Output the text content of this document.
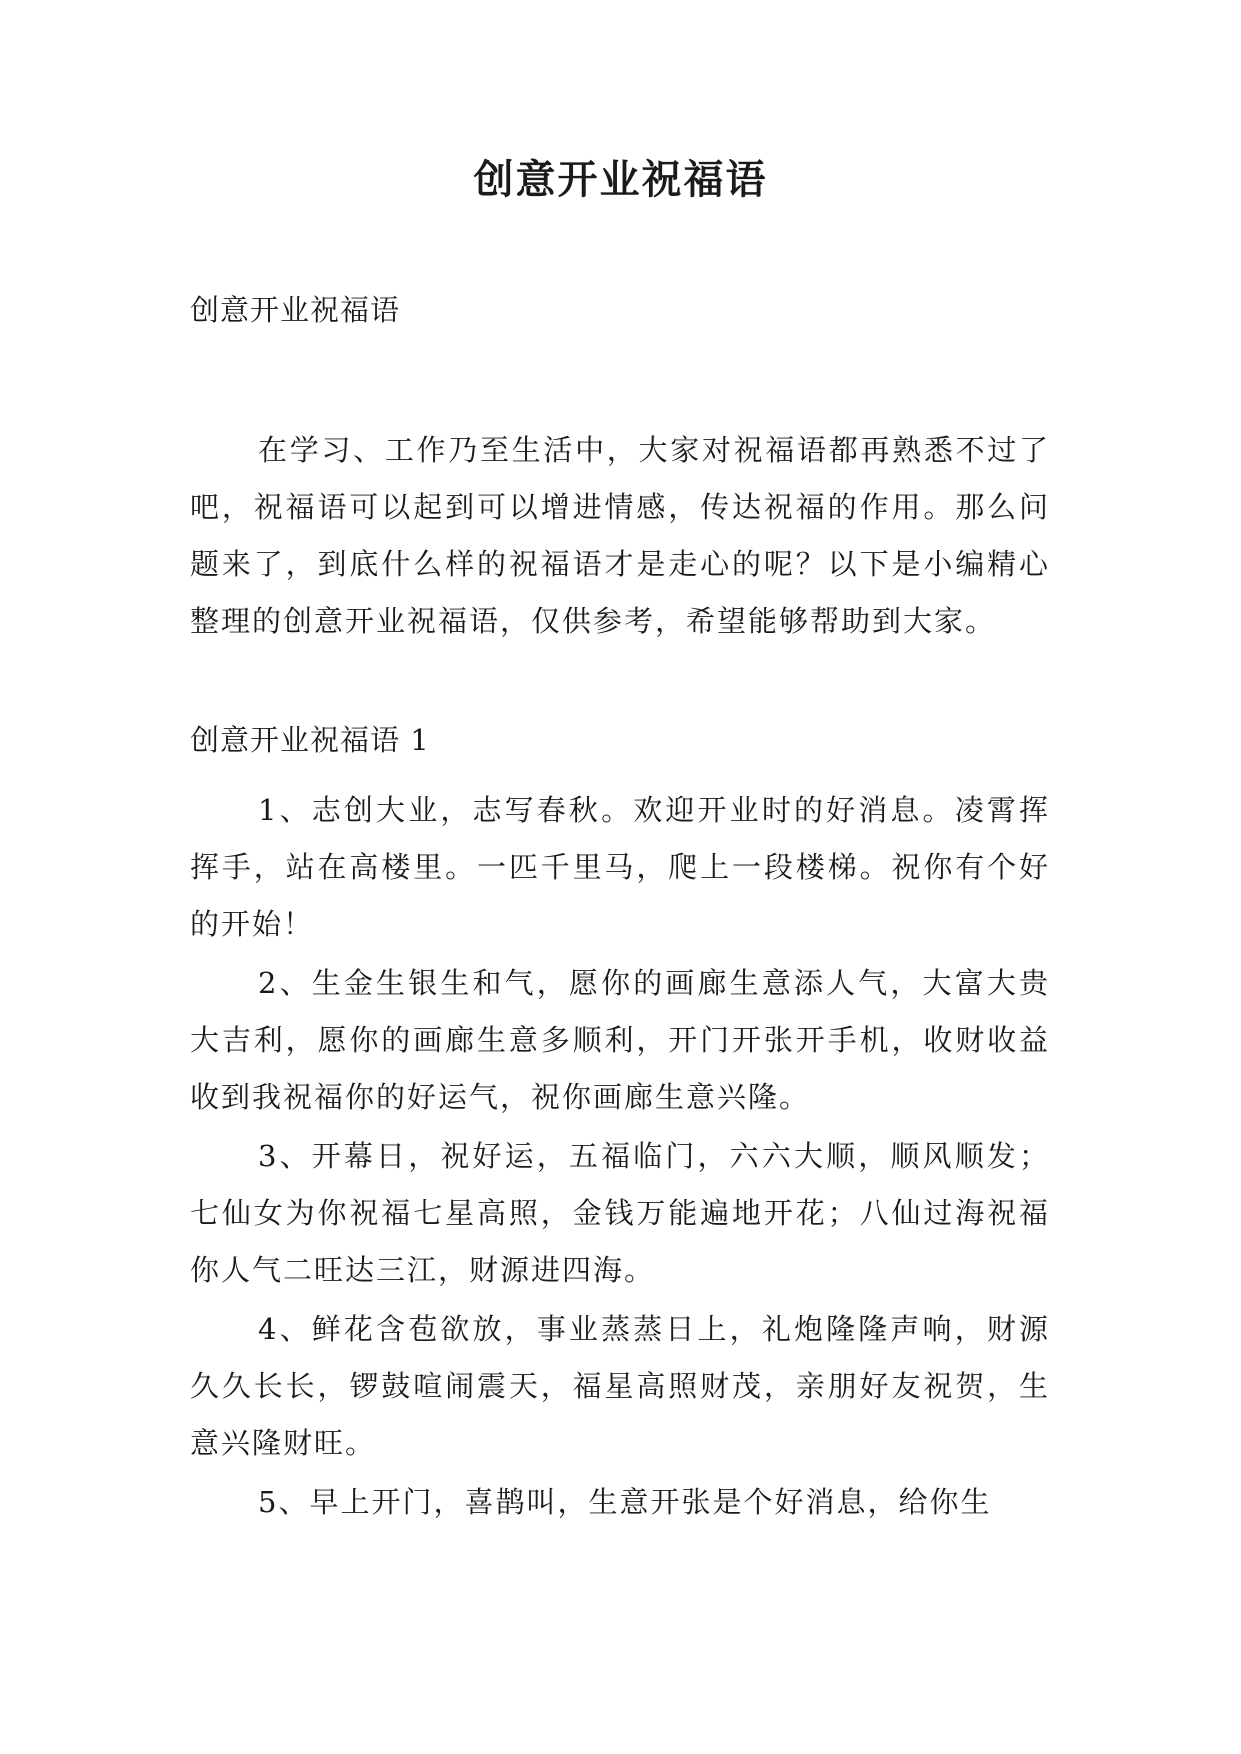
创意开业祝福语

创意开业祝福语

在学习、工作乃至生活中，大家对祝福语都再熟悉不过了吧，祝福语可以起到可以增进情感，传达祝福的作用。那么问题来了，到底什么样的祝福语才是走心的呢？以下是小编精心整理的创意开业祝福语，仅供参考，希望能够帮助到大家。

创意开业祝福语 1

1、志创大业，志写春秋。欢迎开业时的好消息。凌霄挥挥手，站在高楼里。一匹千里马，爬上一段楼梯。祝你有个好的开始！

2、生金生银生和气，愿你的画廊生意添人气，大富大贵大吉利，愿你的画廊生意多顺利，开门开张开手机，收财收益收到我祝福你的好运气，祝你画廊生意兴隆。

3、开幕日，祝好运，五福临门，六六大顺，顺风顺发；七仙女为你祝福七星高照，金钱万能遍地开花；八仙过海祝福你人气二旺达三江，财源进四海。

4、鲜花含苞欲放，事业蒸蒸日上，礼炮隆隆声响，财源久久长长，锣鼓喧闹震天，福星高照财茂，亲朋好友祝贺，生意兴隆财旺。

5、早上开门，喜鹊叫，生意开张是个好消息，给你生
